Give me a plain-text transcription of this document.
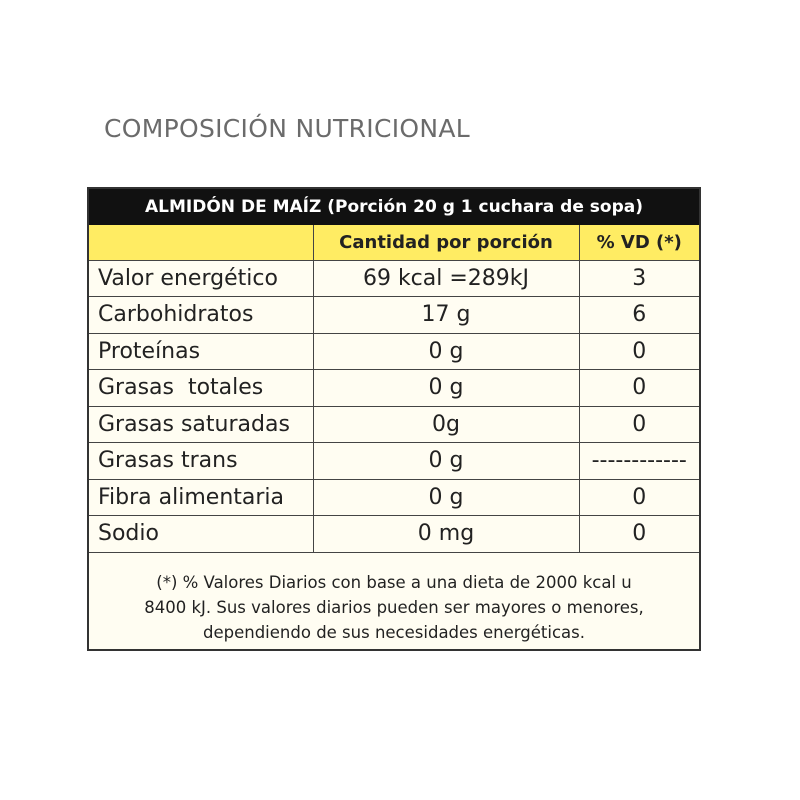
COMPOSICIÓN NUTRICIONAL
ALMIDÓN DE MAÍZ (Porción 20 g 1 cuchara de sopa)
	Cantidad por porción	% VD (*)
Valor energético	69 kcal =289kJ	3
Carbohidratos	17 g	6
Proteínas	0 g	0
Grasas  totales	0 g	0
Grasas saturadas	0g	0
Grasas trans	0 g	------------
Fibra alimentaria	0 g	0
Sodio	0 mg	0
(*) % Valores Diarios con base a una dieta de 2000 kcal u
8400 kJ. Sus valores diarios pueden ser mayores o menores,
dependiendo de sus necesidades energéticas.
